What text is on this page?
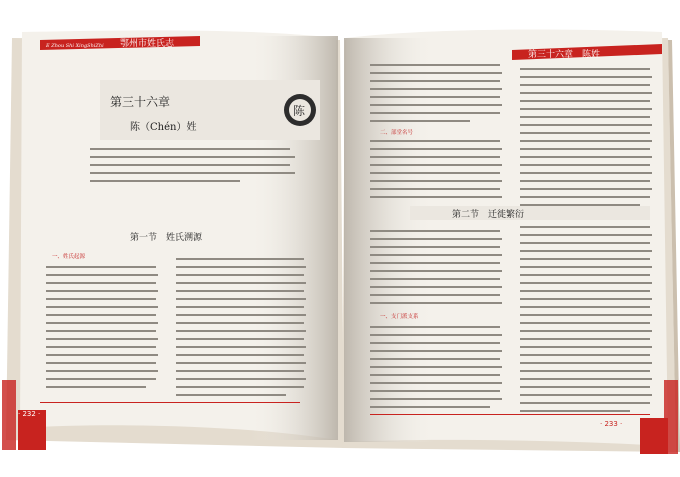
E Zhou Shi XingShiZhi 鄂州市姓氏志
陈
第三十六章
陈（Chén）姓
第一节　姓氏溯源
一、姓氏起源
· 232 ·
第三十六章　陈姓
二、部堂名号
第二节　迁徙繁衍
一、支门派支系
· 233 ·
